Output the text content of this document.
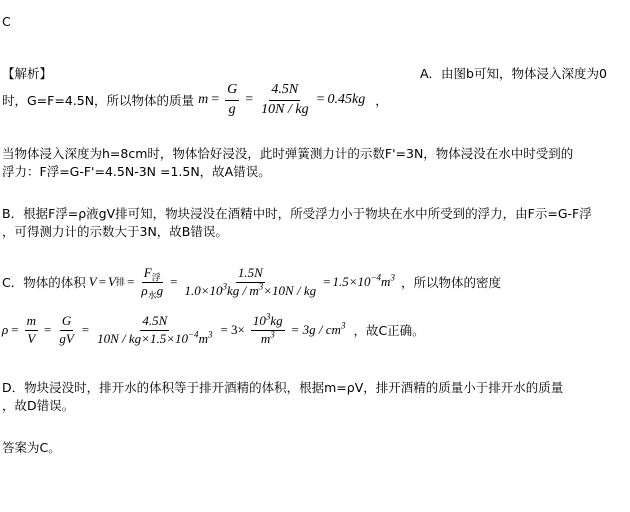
C
【解析】	A．由图b可知，物体浸入深度为0
时，G=F=4.5N，所以物体的质量 $m = \frac{G}{g} = \frac{4.5N}{10N / kg} = 0.45kg$ ，
当物体浸入深度为h=8cm时，物体恰好浸没，此时弹簧测力计的示数F'=3N，物体浸没在水中时受到的
浮力：F浮=G-F'=4.5N-3N =1.5N，故A错误。
B．根据F浮=ρ液gV排可知，物块浸没在酒精中时，所受浮力小于物块在水中所受到的浮力，由F示=G-F浮
，可得测力计的示数大于3N，故B错误。
C．物体的体积 V = V 排 = $\frac{F_浮}{\rho_水g} = \frac{1.5N}{1.0\times 10^3kg / m^3\times 10N / kg} = 1.5\times 10^{-4}m^3$ ，所以物体的密度
$\rho = \frac{m}{V} = \frac{G}{gV} = \frac{4.5N}{10N / kg\times 1.5\times 10^{-4}m^3} = 3\times \frac{10^3kg}{m^3} = 3g / cm^3$ ，故C正确。
D．物块浸没时，排开水的体积等于排开酒精的体积，根据m=ρV，排开酒精的质量小于排开水的质量
，故D错误。
答案为C。
